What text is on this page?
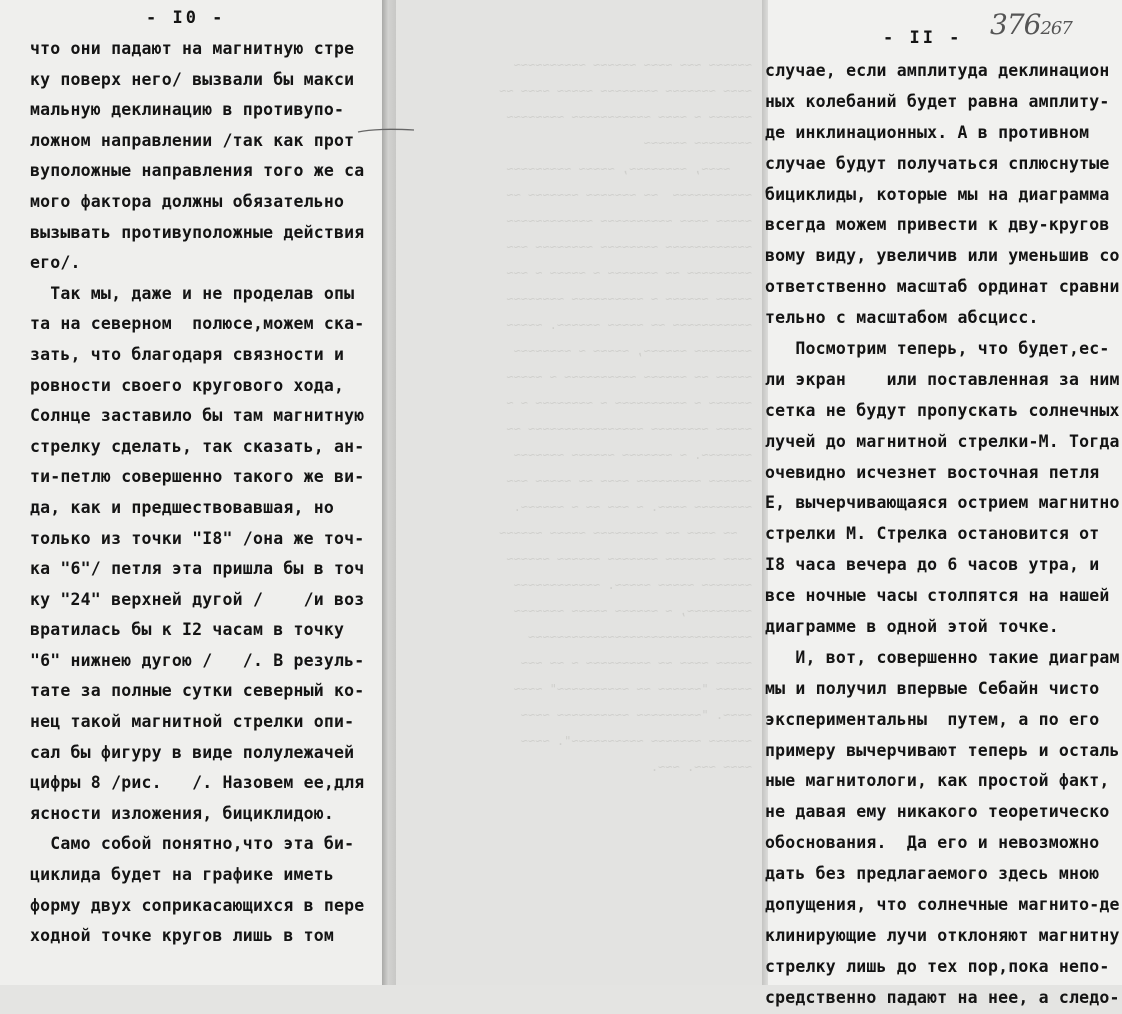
~~~~~~ ~~~ ~~~~ ~~~~~~ ~~~~~~~~~~
~~~~ ~~~~~~~ ~~~~~~~~ ~~~~~ ~~~~ ~~
~~~~~~ ~ ~~~~ ~~~~~~~~~~~ ~~~~~~~~
~~~~~~~~ ~~~~~~
~~~~, ~~~~~~~~, ~~~~~ ~~~~~~~~~
~~~~~~~~~~~  ~~ ~~~~~~~ ~~~~~~~ ~~
~~~~~ ~~~~ ~~~~~~~~~~ ~~~~~~~~~~~~
~~~~~~~~~~~~ ~~~~~~~~ ~~~~~~~~ ~~~
~~~~~~~~~ ~~ ~~~~~~~ ~ ~~~~~ ~ ~~~
~~~~~ ~~~~~~ ~ ~~~~~~~~~~ ~~~~~~~~
~~~~~~~~~~~ ~~ ~~~~~ ~~~~~~. ~~~~~
~~~~~~~~ ~~~~~~, ~~~~~ ~ ~~~~~~~~
~~~~~ ~~ ~~~~~~ ~~~~~~~~~~ ~ ~~~~~
~~~~~~ ~ ~~~~~~~~~~ ~ ~~~~~~~~ ~ ~
~~~~~ ~~~~~~~~ ~~~~~~~~~~~~~~~~ ~~
~~~~~~~. ~ ~~~~~~~ ~~~~~~ ~~~~~~~
~~~~~~ ~~~~~~~~~ ~~~~ ~~ ~~~~~ ~~~
~~~~~~~~ ~~~~. ~ ~~~ ~~ ~ ~~~~~~.
~~ ~~~~ ~~ ~~~~~~~~~ ~~~~~ ~~~~~~
~~~~ ~~~~~~~ ~~~~~~~ ~~~~~~ ~~~~~~
~~~~~~~ ~~~~~ ~~~~~. ~~~~~~~~~~~~
~~~~~~~~~, ~ ~~~~~~ ~~~~~ ~~~~~~~
~~~~~~~~~~~~~~~~~~~~~~~~~~~~~~~
~~~~~ ~~~~ ~~ ~~~~~~~~~ ~ ~~ ~~~
~~~~~ "~~~~~~ ~~ ~~~~~~~~~~" ~~~~
~~~~. "~~~~~~~~~ ~~~~~~~~~~ ~~~~
~~~~~~ ~~~~~~~ ~~~~~~~~~~". ~~~~
~~~~ ~~~. ~~~.
- I0 -
что они падают на магнитную стре
ку поверх него/ вызвали бы макси
мальную деклинацию в противупо-
ложном направлении /так как прот
вуположные направления того же са
мого фактора должны обязательно
вызывать противуположные действия
его/.
Так мы, даже и не проделав опы
та на северном  полюсе,можем ска-
зать, что благодаря связности и
ровности своего кругового хода,
Солнце заставило бы там магнитную
стрелку сделать, так сказать, ан-
ти-петлю совершенно такого же ви-
да, как и предшествовавшая, но
только из точки "I8" /она же точ-
ка "6"/ петля эта пришла бы в точ
ку "24" верхней дугой /    /и воз
вратилась бы к I2 часам в точку
"6" нижнею дугою /   /. В резуль-
тате за полные сутки северный ко-
нец такой магнитной стрелки опи-
сал бы фигуру в виде полулежачей
цифры 8 /рис.   /. Назовем ее,для
ясности изложения, бициклидою.
Само собой понятно,что эта би-
циклида будет на графике иметь
форму двух соприкасающихся в пере
ходной точке кругов лишь в том
- II - 376267
случае, если амплитуда деклинацион
ных колебаний будет равна амплиту-
де инклинационных. А в противном
случае будут получаться сплюснутые
бициклиды, которые мы на диаграмма
всегда можем привести к дву-кругов
вому виду, увеличив или уменьшив со
ответственно масштаб ординат сравни
тельно с масштабом абсцисс.
Посмотрим теперь, что будет,ес-
ли экран    или поставленная за ним
сетка не будут пропускать солнечных
лучей до магнитной стрелки-М. Тогда
очевидно исчезнет восточная петля
Е, вычерчивающаяся острием магнитно
стрелки М. Стрелка остановится от
I8 часа вечера до 6 часов утра, и
все ночные часы столпятся на нашей
диаграмме в одной этой точке.
И, вот, совершенно такие диаграм
мы и получил впервые Себайн чисто
экспериментальны  путем, а по его
примеру вычерчивают теперь и осталь
ные магнитологи, как простой факт,
не давая ему никакого теоретическо
обоснования.  Да его и невозможно
дать без предлагаемого здесь мною
допущения, что солнечные магнито-де
клинирующие лучи отклоняют магнитну
стрелку лишь до тех пор,пока непо-
средственно падают на нее, а следо-
